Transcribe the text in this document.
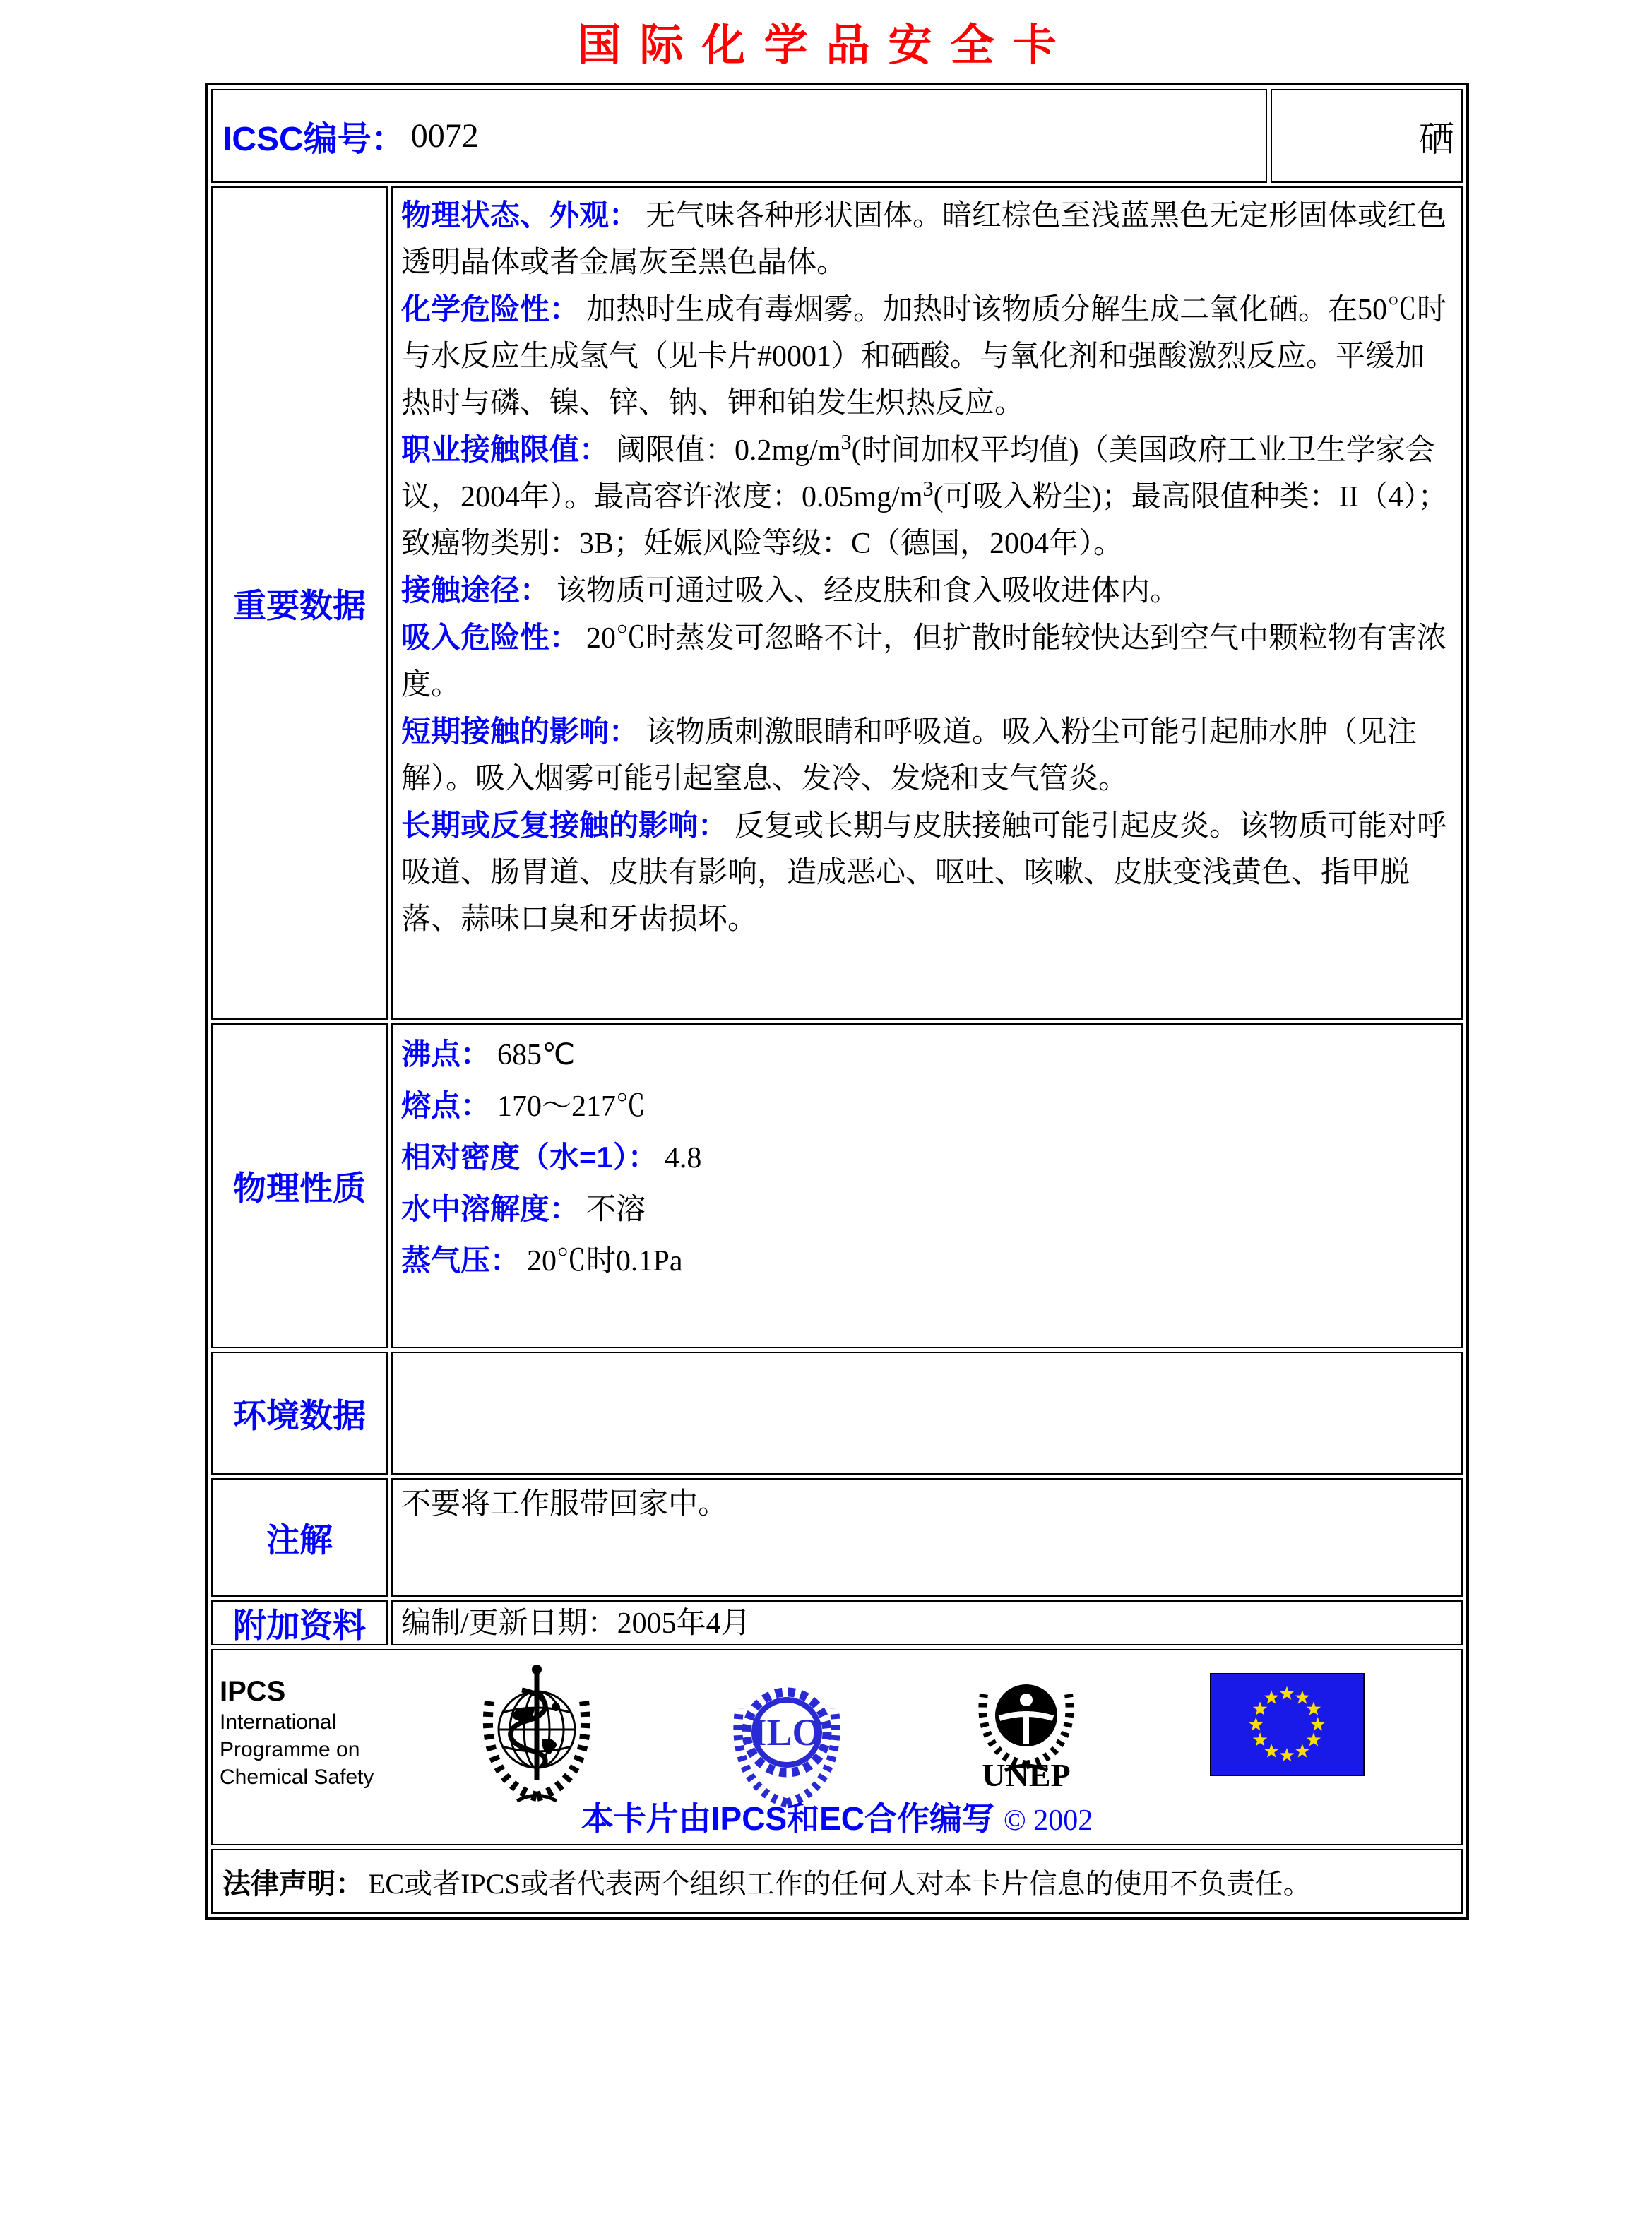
国际化学品安全卡
ICSC编号： 0072	硒
重要数据
物理状态、外观： 无气味各种形状固体。暗红棕色至浅蓝黑色无定形固体或红色透明晶体或者金属灰至黑色晶体。
化学危险性： 加热时生成有毒烟雾。加热时该物质分解生成二氧化硒。在50℃时与水反应生成氢气（见卡片#0001）和硒酸。与氧化剂和强酸激烈反应。平缓加热时与磷、镍、锌、钠、钾和铂发生炽热反应。
职业接触限值： 阈限值：$0.2mg/m^3$(时间加权平均值)（美国政府工业卫生学家会议，2004年）。最高容许浓度：$0.05mg/m^3$(可吸入粉尘)；最高限值种类：II（4）；致癌物类别：3B；妊娠风险等级：C（德国，2004年）。
接触途径： 该物质可通过吸入、经皮肤和食入吸收进体内。
吸入危险性： 20℃时蒸发可忽略不计，但扩散时能较快达到空气中颗粒物有害浓度。
短期接触的影响： 该物质刺激眼睛和呼吸道。吸入粉尘可能引起肺水肿（见注解）。吸入烟雾可能引起窒息、发冷、发烧和支气管炎。
长期或反复接触的影响： 反复或长期与皮肤接触可能引起皮炎。该物质可能对呼吸道、肠胃道、皮肤有影响，造成恶心、呕吐、咳嗽、皮肤变浅黄色、指甲脱落、蒜味口臭和牙齿损坏。
物理性质
沸点： 685℃
熔点： 170～217℃
相对密度（水=1）： 4.8
水中溶解度： 不溶
蒸气压： 20℃时0.1Pa
环境数据
注解
不要将工作服带回家中。
附加资料	编制/更新日期：2005年4月
IPCS
International
Programme on
Chemical Safety
ILO
UNEP
本卡片由IPCS和EC合作编写 © 2002
法律声明： EC或者IPCS或者代表两个组织工作的任何人对本卡片信息的使用不负责任。
